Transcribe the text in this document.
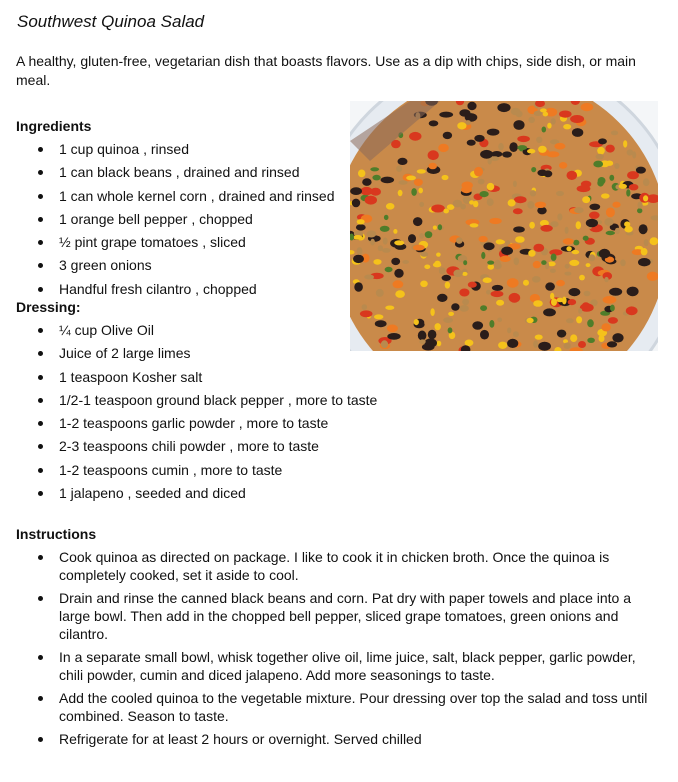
Southwest Quinoa Salad

A healthy, gluten-free, vegetarian dish that boasts flavors. Use as a dip with chips, side dish, or main meal.

Ingredients
1 cup quinoa , rinsed
1 can black beans , drained and rinsed
1 can whole kernel corn , drained and rinsed
1 orange bell pepper , chopped
½ pint grape tomatoes , sliced
3 green onions
Handful fresh cilantro , chopped
Dressing:
¼ cup Olive Oil
Juice of 2 large limes
1 teaspoon Kosher salt
1/2-1 teaspoon ground black pepper , more to taste
1-2 teaspoons garlic powder , more to taste
2-3 teaspoons chili powder , more to taste
1-2 teaspoons cumin , more to taste
1 jalapeno , seeded and diced
Instructions
Cook quinoa as directed on package. I like to cook it in chicken broth. Once the quinoa is completely cooked, set it aside to cool.
Drain and rinse the canned black beans and corn. Pat dry with paper towels and place into a large bowl. Then add in the chopped bell pepper, sliced grape tomatoes, green onions and cilantro.
In a separate small bowl, whisk together olive oil, lime juice, salt, black pepper, garlic powder, chili powder, cumin and diced jalapeno. Add more seasonings to taste.
Add the cooled quinoa to the vegetable mixture. Pour dressing over top the salad and toss until combined. Season to taste.
Refrigerate for at least 2 hours or overnight. Served chilled
